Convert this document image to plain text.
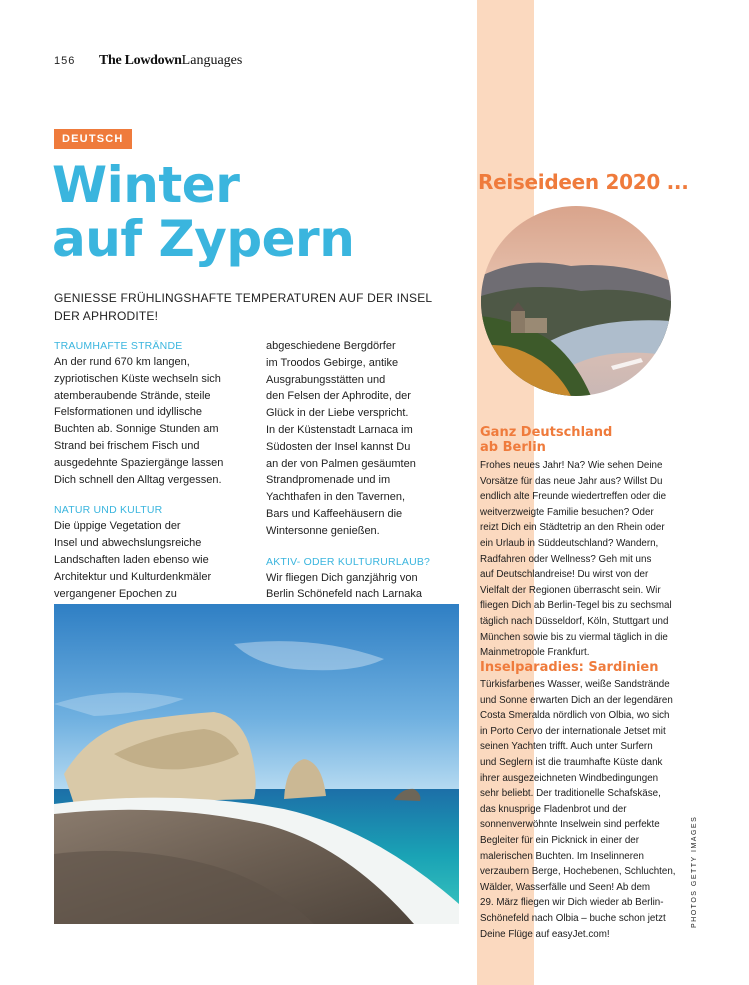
156 The LowdownLanguages
DEUTSCH
Winter
auf Zypern
GENIESSE FRÜHLINGSHAFTE TEMPERATUREN AUF DER INSEL
DER APHRODITE!
TRAUMHAFTE STRÄNDE

An der rund 670 km langen,
zypriotischen Küste wechseln sich
atemberaubende Strände, steile
Felsformationen und idyllische
Buchten ab. Sonnige Stunden am
Strand bei frischem Fisch und
ausgedehnte Spaziergänge lassen
Dich schnell den Alltag vergessen.

NATUR UND KULTUR

Die üppige Vegetation der
Insel und abwechslungsreiche
Landschaften laden ebenso wie
Architektur und Kulturdenkmäler
vergangener Epochen zu

abgeschiedene Bergdörfer
im Troodos Gebirge, antike
Ausgrabungsstätten und
den Felsen der Aphrodite, der
Glück in der Liebe verspricht.
In der Küstenstadt Larnaca im
Südosten der Insel kannst Du
an der von Palmen gesäumten
Strandpromenade und im
Yachthafen in den Tavernen,
Bars und Kaffeehäusern die
Wintersonne genießen.

AKTIV- ODER KULTURURLAUB?

Wir fliegen Dich ganzjährig von
Berlin Schönefeld nach Larnaka

Reiseideen 2020 ...
Ganz Deutschland
ab Berlin
Frohes neues Jahr! Na? Wie sehen Deine
Vorsätze für das neue Jahr aus? Willst Du
endlich alte Freunde wiedertreffen oder die
weitverzweigte Familie besuchen? Oder
reizt Dich ein Städtetrip an den Rhein oder
ein Urlaub in Süddeutschland? Wandern,
Radfahren oder Wellness? Geh mit uns
auf Deutschlandreise! Du wirst von der
Vielfalt der Regionen überrascht sein. Wir
fliegen Dich ab Berlin-Tegel bis zu sechsmal
täglich nach Düsseldorf, Köln, Stuttgart und
München sowie bis zu viermal täglich in die
Mainmetropole Frankfurt.
Inselparadies: Sardinien
Türkisfarbenes Wasser, weiße Sandstrände
und Sonne erwarten Dich an der legendären
Costa Smeralda nördlich von Olbia, wo sich
in Porto Cervo der internationale Jetset mit
seinen Yachten trifft. Auch unter Surfern
und Seglern ist die traumhafte Küste dank
ihrer ausgezeichneten Windbedingungen
sehr beliebt. Der traditionelle Schafskäse,
das knusprige Fladenbrot und der
sonnenverwöhnte Inselwein sind perfekte
Begleiter für ein Picknick in einer der
malerischen Buchten. Im Inselinneren
verzaubern Berge, Hochebenen, Schluchten,
Wälder, Wasserfälle und Seen! Ab dem
29. März fliegen wir Dich wieder ab Berlin-
Schönefeld nach Olbia – buche schon jetzt
Deine Flüge auf easyJet.com!
PHOTOS GETTY IMAGES
